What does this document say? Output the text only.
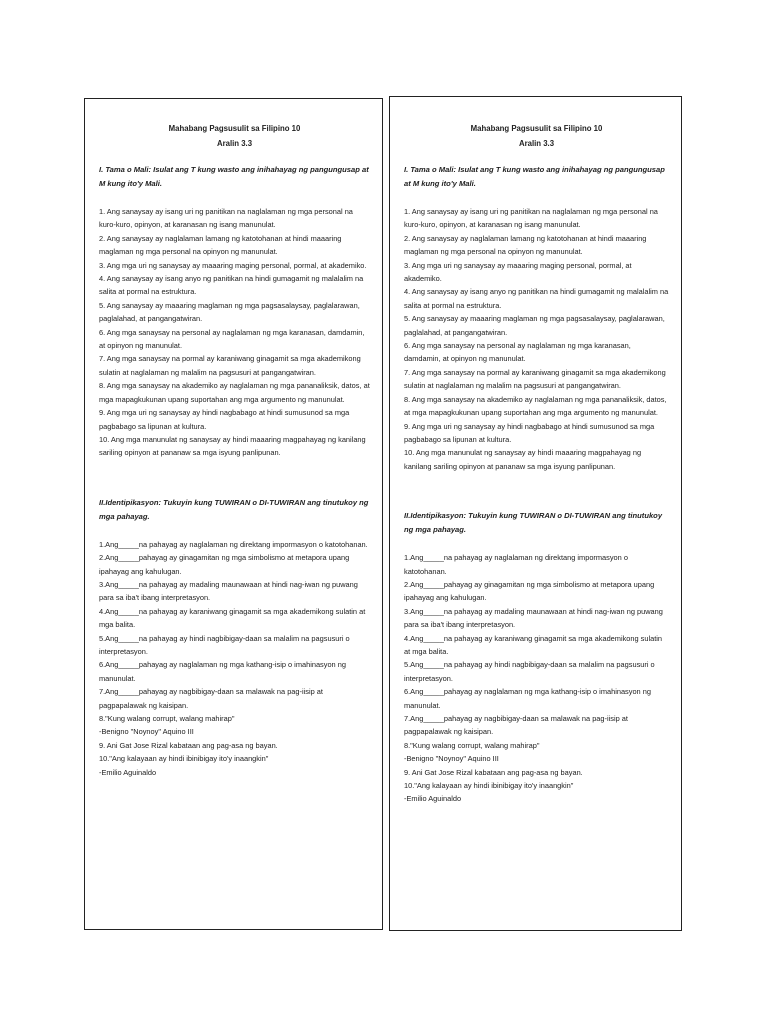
Mahabang Pagsusulit sa Filipino 10
Aralin 3.3
I. Tama o Mali: Isulat ang T kung wasto ang inihahayag ng pangungusap at M kung ito'y Mali.

1. Ang sanaysay ay isang uri ng panitikan na naglalaman ng mga personal na kuro-kuro, opinyon, at karanasan ng isang manunulat.

2. Ang sanaysay ay naglalaman lamang ng katotohanan at hindi maaaring maglaman ng mga personal na opinyon ng manunulat.

3. Ang mga uri ng sanaysay ay maaaring maging personal, pormal, at akademiko.

4. Ang sanaysay ay isang anyo ng panitikan na hindi gumagamit ng malalalim na salita at pormal na estruktura.

5. Ang sanaysay ay maaaring maglaman ng mga pagsasalaysay, paglalarawan, paglalahad, at pangangatwiran.

6. Ang mga sanaysay na personal ay naglalaman ng mga karanasan, damdamin, at opinyon ng manunulat.

7. Ang mga sanaysay na pormal ay karaniwang ginagamit sa mga akademikong sulatin at naglalaman ng malalim na pagsusuri at pangangatwiran.

8. Ang mga sanaysay na akademiko ay naglalaman ng mga pananaliksik, datos, at mga mapagkukunan upang suportahan ang mga argumento ng manunulat.

9. Ang mga uri ng sanaysay ay hindi nagbabago at hindi sumusunod sa mga pagbabago sa lipunan at kultura.

10. Ang mga manunulat ng sanaysay ay hindi maaaring magpahayag ng kanilang sariling opinyon at pananaw sa mga isyung panlipunan.

II.Identipikasyon: Tukuyin kung TUWIRAN o DI-TUWIRAN ang tinutukoy ng mga pahayag.

1.Ang_____na pahayag ay naglalaman ng direktang impormasyon o katotohanan.

2.Ang_____pahayag ay ginagamitan ng mga simbolismo at metapora upang ipahayag ang kahulugan.

3.Ang_____na pahayag ay madaling maunawaan at hindi nag-iwan ng puwang para sa iba't ibang interpretasyon.

4.Ang_____na pahayag ay karaniwang ginagamit sa mga akademikong sulatin at mga balita.

5.Ang_____na pahayag ay hindi nagbibigay-daan sa malalim na pagsusuri o interpretasyon.

6.Ang_____pahayag ay naglalaman ng mga kathang-isip o imahinasyon ng manunulat.

7.Ang_____pahayag ay nagbibigay-daan sa malawak na pag-iisip at pagpapalawak ng kaisipan.

8."Kung walang corrupt, walang mahirap"

-Benigno "Noynoy" Aquino III

9. Ani Gat Jose Rizal kabataan ang pag-asa ng bayan.

10."Ang kalayaan ay hindi ibinibigay ito'y inaangkin"

-Emilio Aguinaldo

Mahabang Pagsusulit sa Filipino 10
Aralin 3.3
I. Tama o Mali: Isulat ang T kung wasto ang inihahayag ng pangungusap at M kung ito'y Mali.

1. Ang sanaysay ay isang uri ng panitikan na naglalaman ng mga personal na kuro-kuro, opinyon, at karanasan ng isang manunulat.

2. Ang sanaysay ay naglalaman lamang ng katotohanan at hindi maaaring maglaman ng mga personal na opinyon ng manunulat.

3. Ang mga uri ng sanaysay ay maaaring maging personal, pormal, at akademiko.

4. Ang sanaysay ay isang anyo ng panitikan na hindi gumagamit ng malalalim na salita at pormal na estruktura.

5. Ang sanaysay ay maaaring maglaman ng mga pagsasalaysay, paglalarawan, paglalahad, at pangangatwiran.

6. Ang mga sanaysay na personal ay naglalaman ng mga karanasan, damdamin, at opinyon ng manunulat.

7. Ang mga sanaysay na pormal ay karaniwang ginagamit sa mga akademikong sulatin at naglalaman ng malalim na pagsusuri at pangangatwiran.

8. Ang mga sanaysay na akademiko ay naglalaman ng mga pananaliksik, datos, at mga mapagkukunan upang suportahan ang mga argumento ng manunulat.

9. Ang mga uri ng sanaysay ay hindi nagbabago at hindi sumusunod sa mga pagbabago sa lipunan at kultura.

10. Ang mga manunulat ng sanaysay ay hindi maaaring magpahayag ng kanilang sariling opinyon at pananaw sa mga isyung panlipunan.

II.Identipikasyon: Tukuyin kung TUWIRAN o DI-TUWIRAN ang tinutukoy ng mga pahayag.

1.Ang_____na pahayag ay naglalaman ng direktang impormasyon o katotohanan.

2.Ang_____pahayag ay ginagamitan ng mga simbolismo at metapora upang ipahayag ang kahulugan.

3.Ang_____na pahayag ay madaling maunawaan at hindi nag-iwan ng puwang para sa iba't ibang interpretasyon.

4.Ang_____na pahayag ay karaniwang ginagamit sa mga akademikong sulatin at mga balita.

5.Ang_____na pahayag ay hindi nagbibigay-daan sa malalim na pagsusuri o interpretasyon.

6.Ang_____pahayag ay naglalaman ng mga kathang-isip o imahinasyon ng manunulat.

7.Ang_____pahayag ay nagbibigay-daan sa malawak na pag-iisip at pagpapalawak ng kaisipan.

8."Kung walang corrupt, walang mahirap"

-Benigno "Noynoy" Aquino III

9. Ani Gat Jose Rizal kabataan ang pag-asa ng bayan.

10."Ang kalayaan ay hindi ibinibigay ito'y inaangkin"

-Emilio Aguinaldo
